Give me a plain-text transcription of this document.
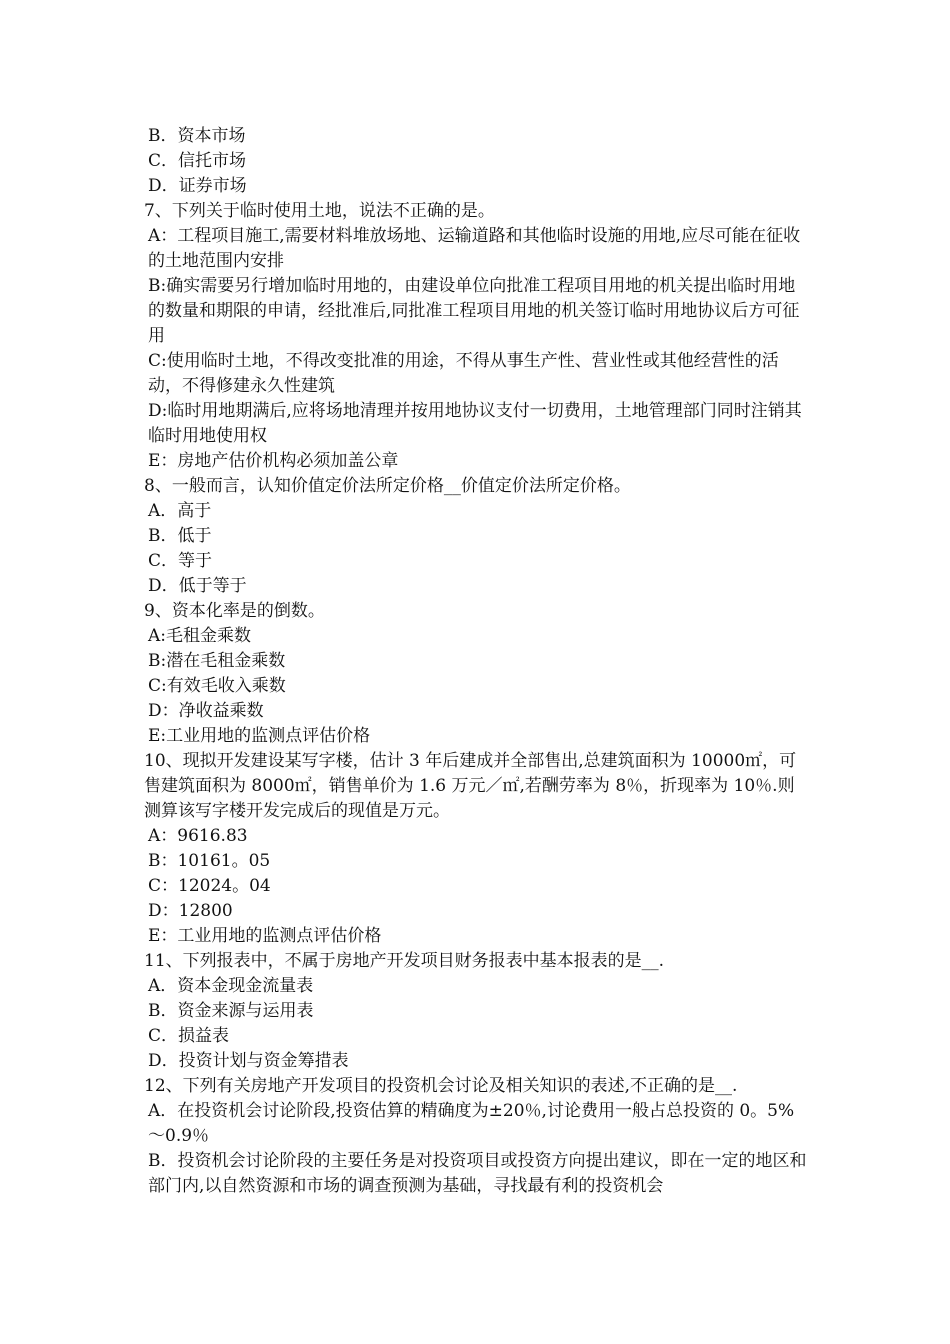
B．资本市场
C．信托市场
D．证券市场
7、下列关于临时使用土地，说法不正确的是。
A：工程项目施工,需要材料堆放场地、运输道路和其他临时设施的用地,应尽可能在征收的土地范围内安排
B:确实需要另行增加临时用地的，由建设单位向批准工程项目用地的机关提出临时用地的数量和期限的申请，经批准后,同批准工程项目用地的机关签订临时用地协议后方可征用
C:使用临时土地，不得改变批准的用途，不得从事生产性、营业性或其他经营性的活动，不得修建永久性建筑
D:临时用地期满后,应将场地清理并按用地协议支付一切费用，土地管理部门同时注销其临时用地使用权
E：房地产估价机构必须加盖公章
8、一般而言，认知价值定价法所定价格__价值定价法所定价格。
A．高于
B．低于
C．等于
D．低于等于
9、资本化率是的倒数。
A:毛租金乘数
B:潜在毛租金乘数
C:有效毛收入乘数
D：净收益乘数
E:工业用地的监测点评估价格
10、现拟开发建设某写字楼，估计 3 年后建成并全部售出,总建筑面积为 10000㎡，可售建筑面积为 8000㎡，销售单价为 1.6 万元／㎡,若酬劳率为 8％，折现率为 10％.则测算该写字楼开发完成后的现值是万元。
A：9616.83
B：10161。05
C：12024。04
D：12800
E：工业用地的监测点评估价格
11、下列报表中，不属于房地产开发项目财务报表中基本报表的是__.
A．资本金现金流量表
B．资金来源与运用表
C．损益表
D．投资计划与资金筹措表
12、下列有关房地产开发项目的投资机会讨论及相关知识的表述,不正确的是__.
A．在投资机会讨论阶段,投资估算的精确度为±20％,讨论费用一般占总投资的 0。5%～0.9％
B．投资机会讨论阶段的主要任务是对投资项目或投资方向提出建议，即在一定的地区和部门内,以自然资源和市场的调查预测为基础，寻找最有利的投资机会
